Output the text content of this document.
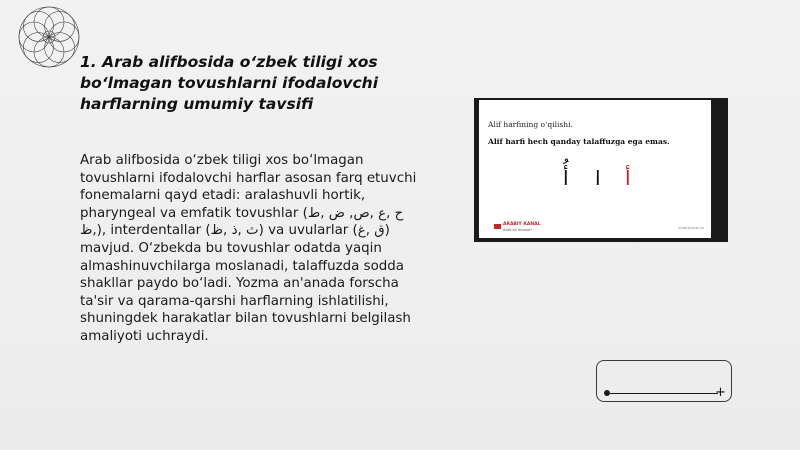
1. Arab alifbosida o‘zbek tiligi xos bo‘lmagan tovushlarni ifodalovchi harflarning umumiy tavsifi

Arab alifbosida o‘zbek tiligi xos bo‘lmagan tovushlarni ifodalovchi harflar asosan farq etuvchi fonemalarni qayd etadi: aralashuvli hortik, pharyngeal va emfatik tovushlar (ح ,ع ,ص, ض ,ط ,ظ), interdentallar (ث ,ذ ,ظ) va uvularlar (ق ,غ) mavjud. O‘zbekda bu tovushlar odatda yaqin almashinuvchilarga moslanadi, talaffuzda sodda shakllar paydo bo‘ladi. Yozma an'anada forscha ta'sir va qarama-qarshi harflarning ishlatilishi, shuningdek harakatlar bilan tovushlarni belgilash amaliyoti uchraydi.

Alif harfining o‘qilishi.
Alif harfi hech qanday talaffuzga ega emas.
أُ ا أ
ARABIY KANAL
Arab tili darslari	arabiykanal.uz
+
